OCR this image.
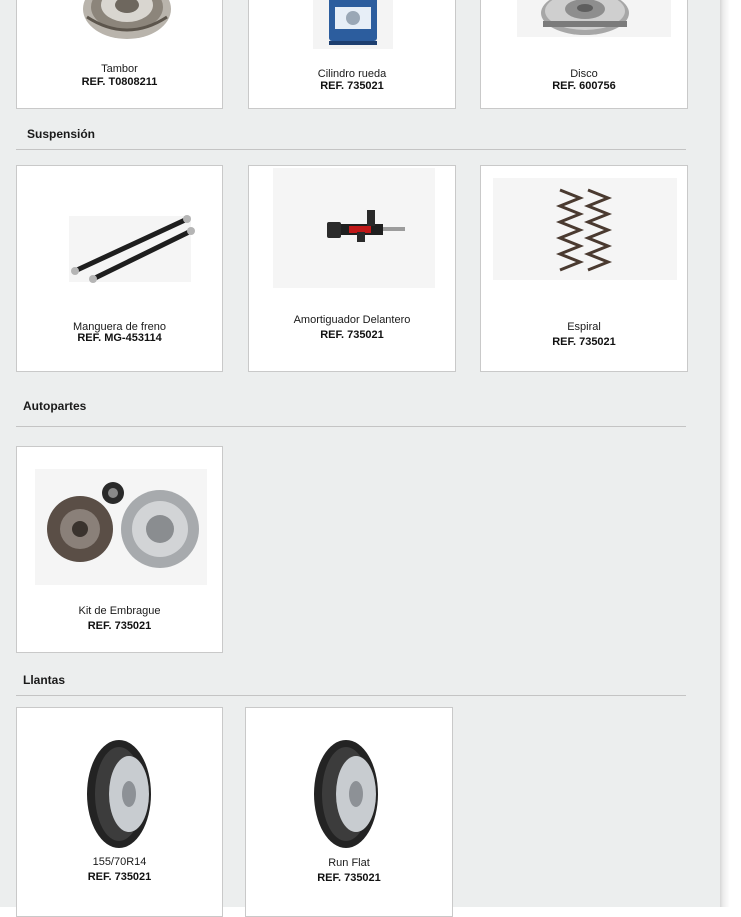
Tambor
REF. T0808211
Cilindro rueda
REF. 735021
Disco
REF. 600756
Suspensión
Manguera de freno
REF. MG-453114
Amortiguador Delantero
REF. 735021
Espiral
REF. 735021
Autopartes
Kit de Embrague
REF. 735021
Llantas
155/70R14
REF. 735021
Run Flat
REF. 735021
